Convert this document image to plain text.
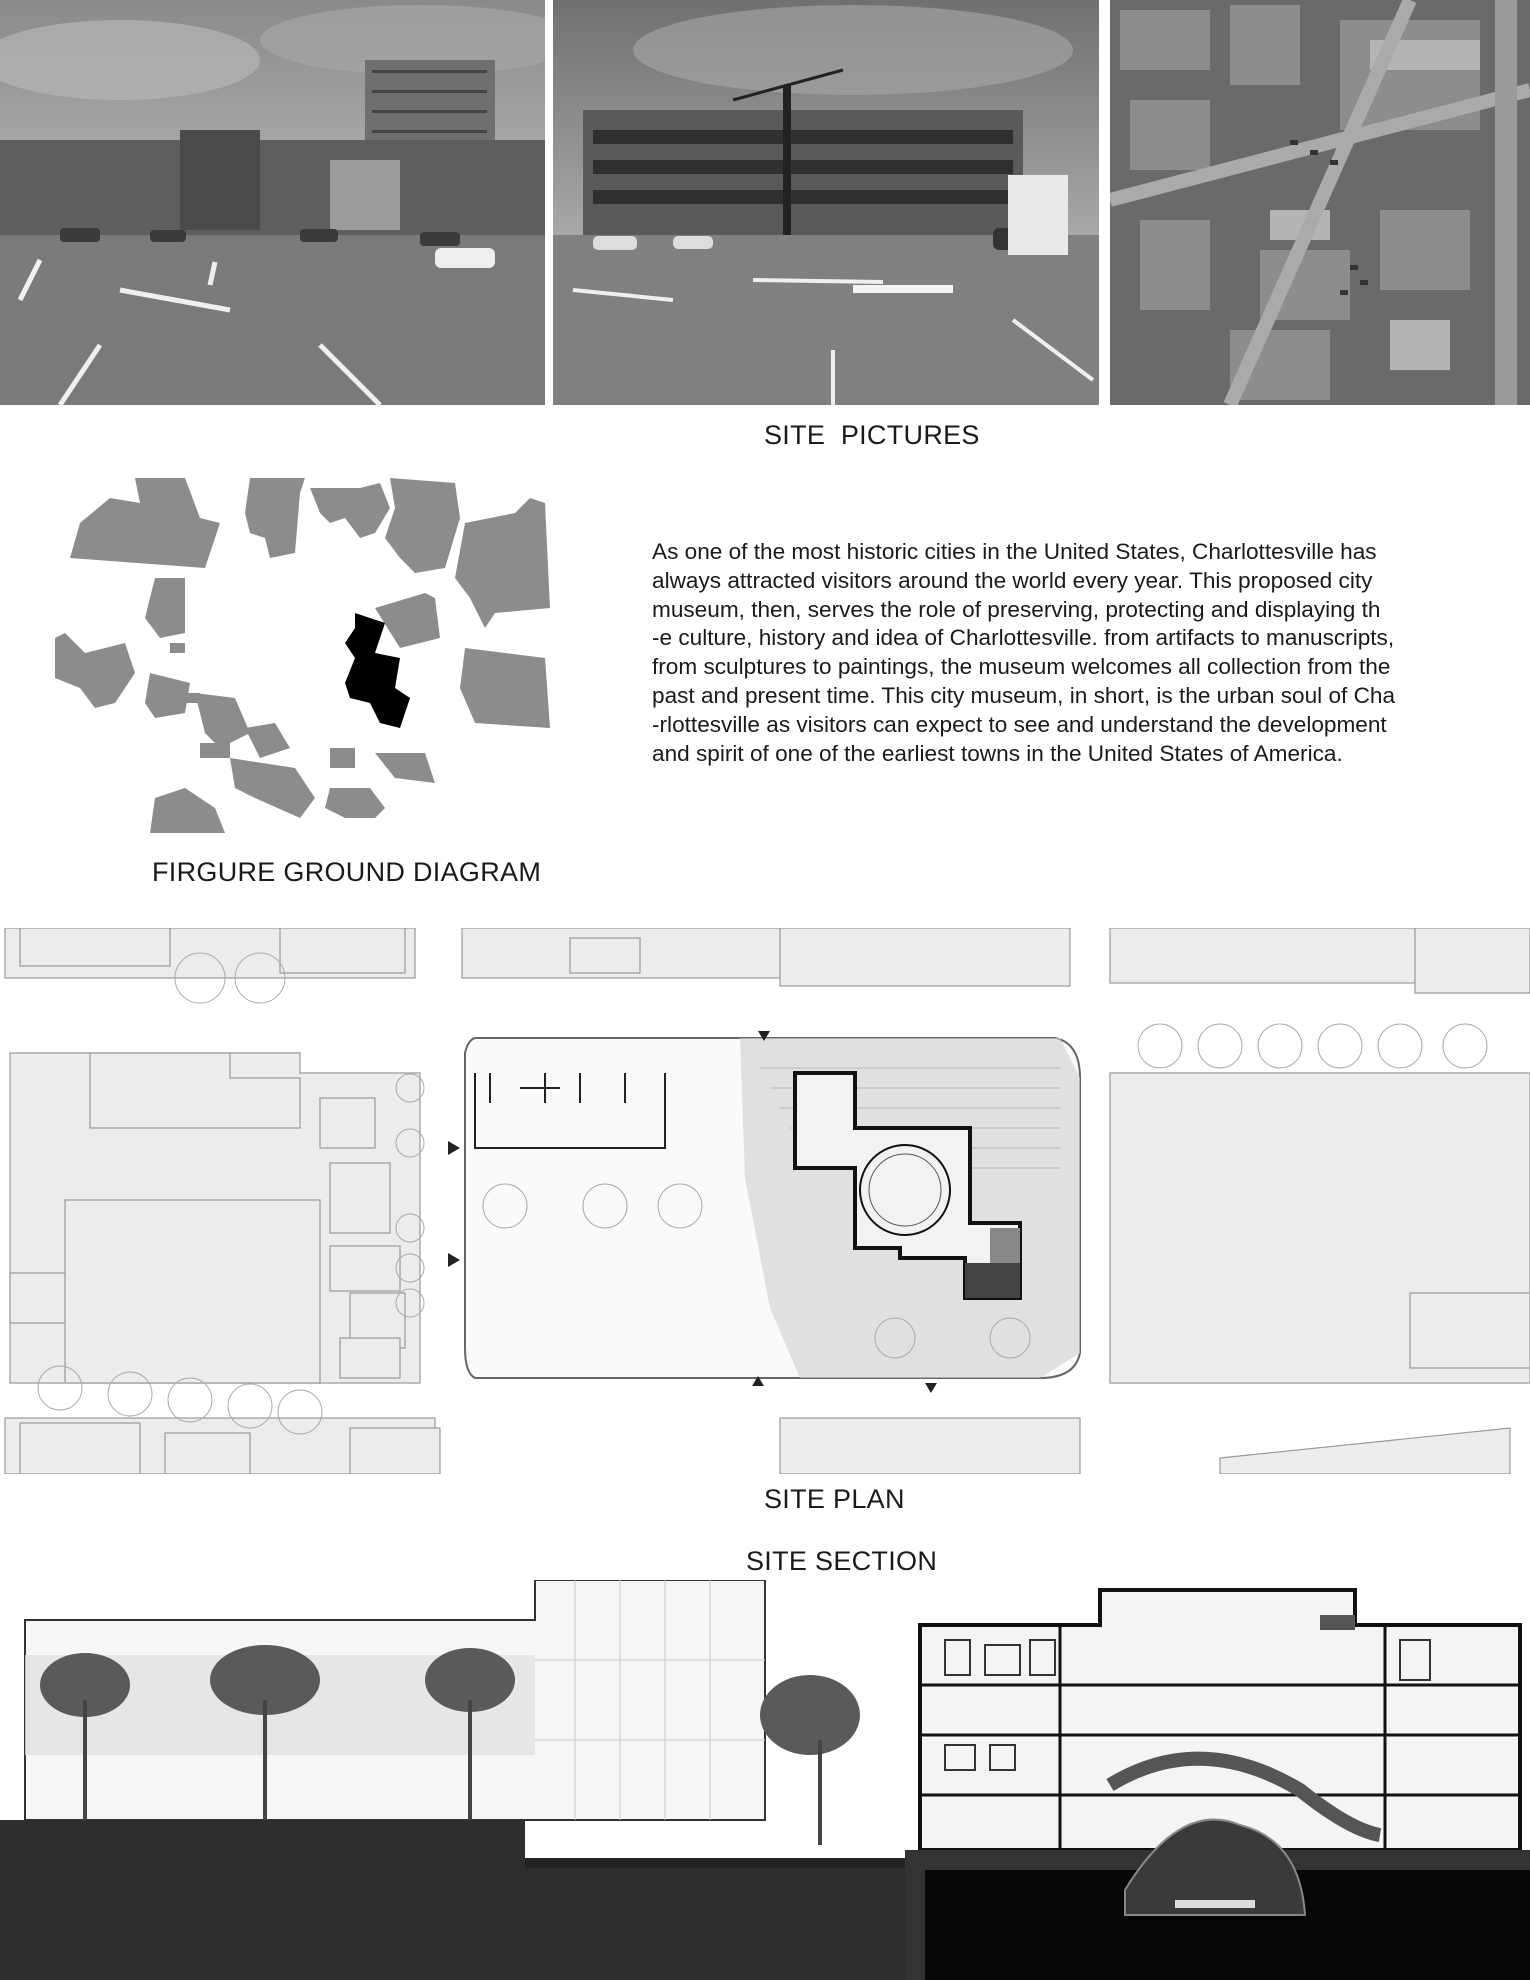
SITE  PICTURES
As one of the most historic cities in the United States, Charlottesville has
always attracted visitors around the world every year. This proposed city
museum, then, serves the role of preserving, protecting and displaying th
-e culture, history and idea of Charlottesville. from artifacts to manuscripts,
from sculptures to paintings, the museum welcomes all collection from the
past and present time. This city museum, in short, is the urban soul of Cha
-rlottesville as visitors can expect to see and understand the development
and spirit of one of the earliest towns in the United States of America.
FIRGURE GROUND DIAGRAM
SITE PLAN
SITE SECTION
